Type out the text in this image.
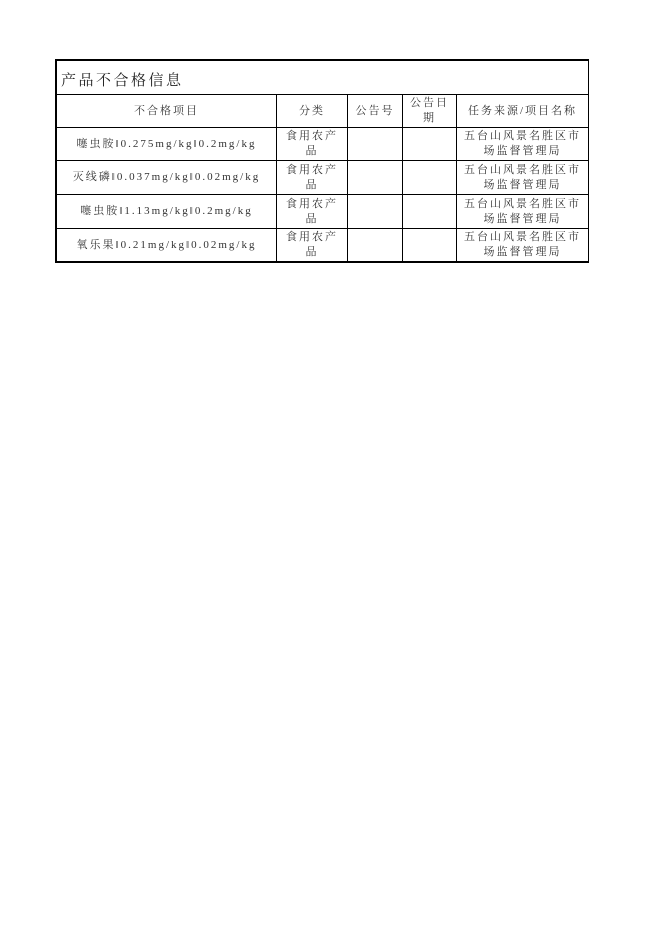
产品不合格信息
不合格项目	分类	公告号
公告日期
任务来源/项目名称
噻虫胺‖0.275mg/kg‖0.2mg/kg
食用农产品
五台山风景名胜区市场监督管理局
灭线磷‖0.037mg/kg‖0.02mg/kg
食用农产品
五台山风景名胜区市场监督管理局
噻虫胺‖1.13mg/kg‖0.2mg/kg
食用农产品
五台山风景名胜区市场监督管理局
氧乐果‖0.21mg/kg‖0.02mg/kg
食用农产品
五台山风景名胜区市场监督管理局
